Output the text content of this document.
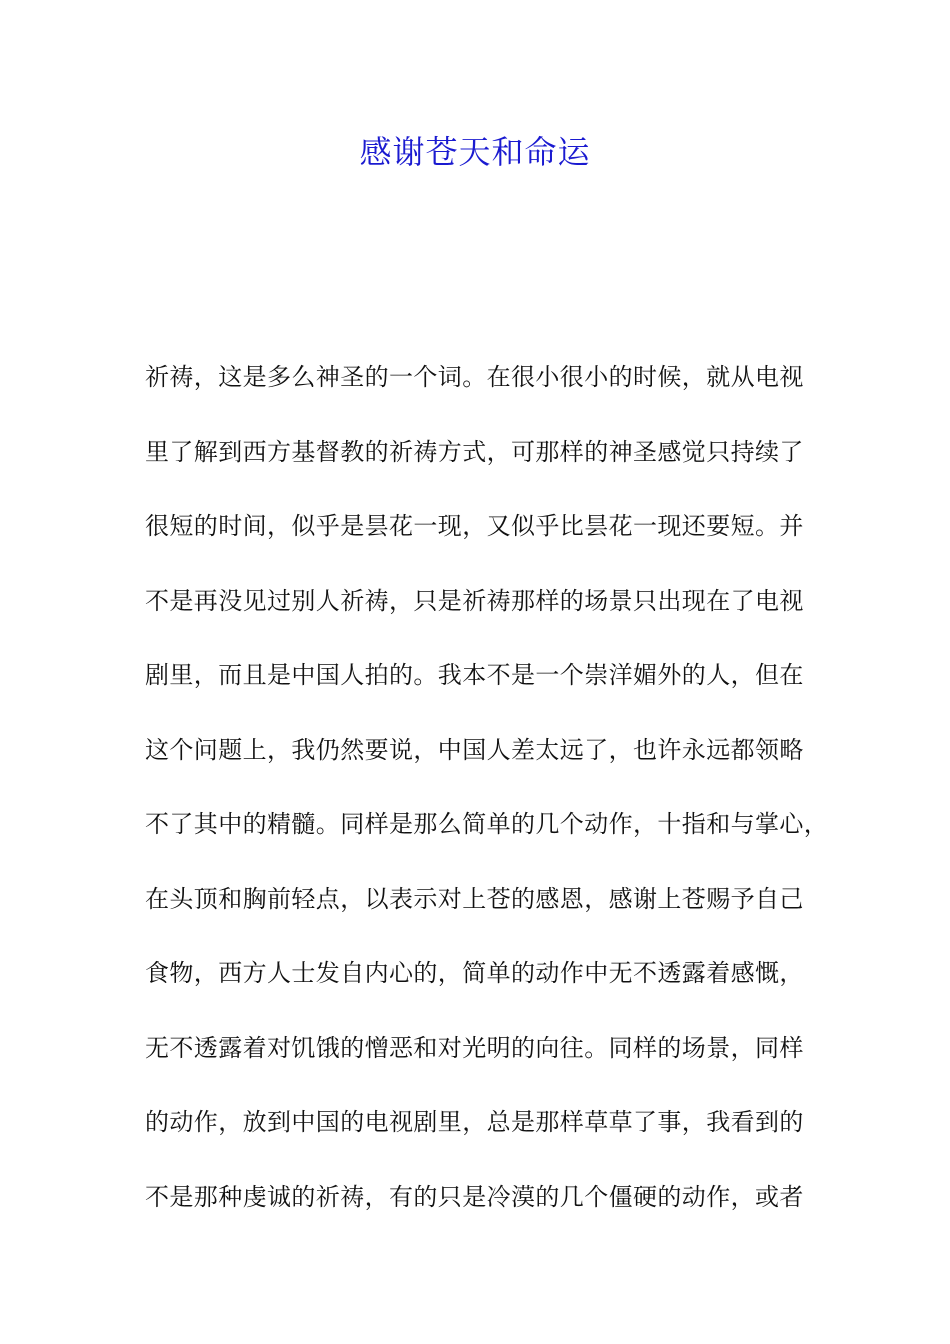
感谢苍天和命运
祈祷，这是多么神圣的一个词。在很小很小的时候，就从电视
里了解到西方基督教的祈祷方式，可那样的神圣感觉只持续了
很短的时间，似乎是昙花一现，又似乎比昙花一现还要短。并
不是再没见过别人祈祷，只是祈祷那样的场景只出现在了电视
剧里，而且是中国人拍的。我本不是一个崇洋媚外的人，但在
这个问题上，我仍然要说，中国人差太远了，也许永远都领略
不了其中的精髓。同样是那么简单的几个动作，十指和与掌心，
在头顶和胸前轻点，以表示对上苍的感恩，感谢上苍赐予自己
食物，西方人士发自内心的，简单的动作中无不透露着感慨，
无不透露着对饥饿的憎恶和对光明的向往。同样的场景，同样
的动作，放到中国的电视剧里，总是那样草草了事，我看到的
不是那种虔诚的祈祷，有的只是冷漠的几个僵硬的动作，或者
